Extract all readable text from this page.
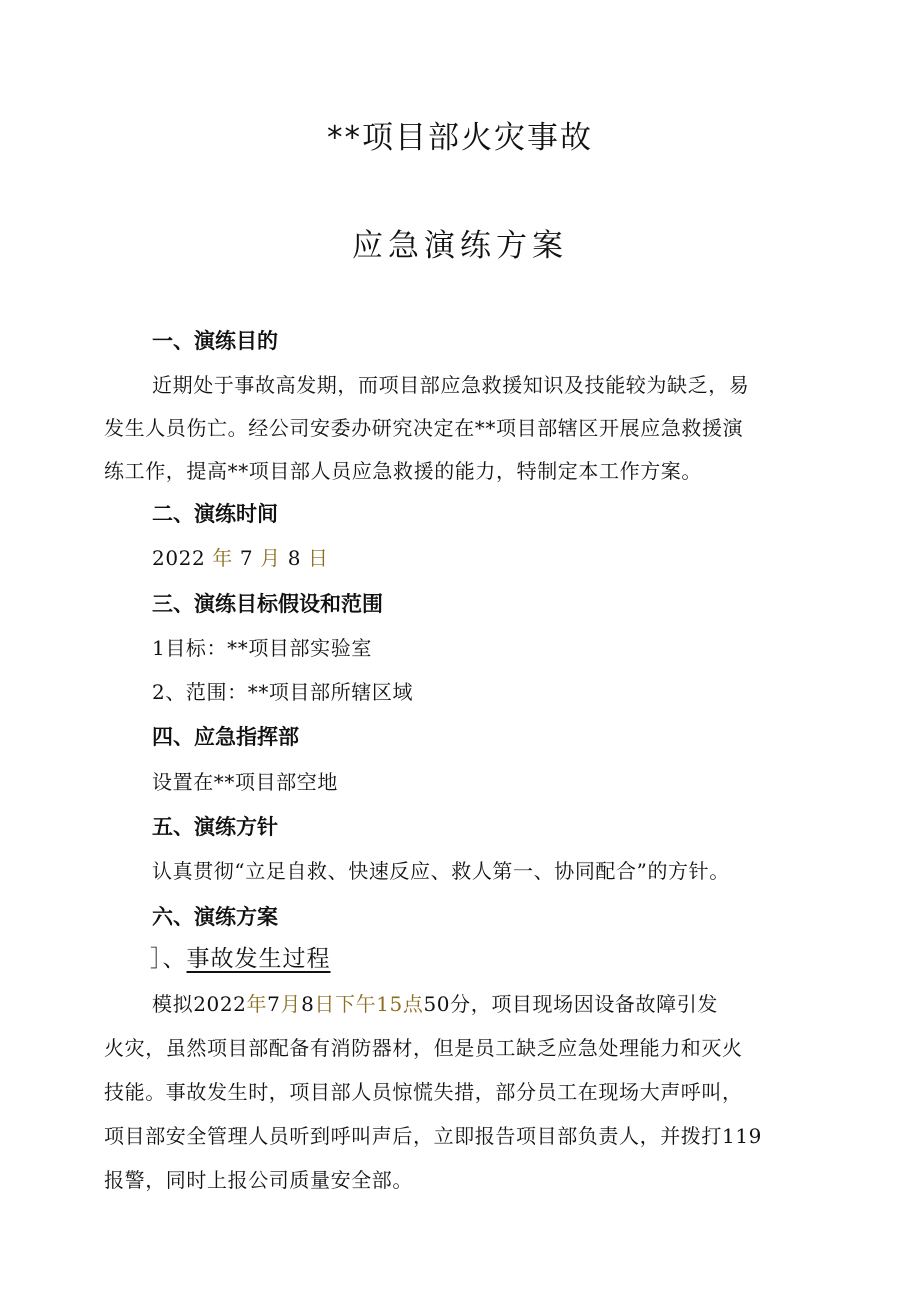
**项目部火灾事故
应急演练方案
一、演练目的

近期处于事故高发期，而项目部应急救援知识及技能较为缺乏，易

发生人员伤亡。经公司安委办研究决定在**项目部辖区开展应急救援演

练工作，提高**项目部人员应急救援的能力，特制定本工作方案。

二、演练时间

2022 年 7 月 8 日

三、演练目标假设和范围

1目标：**项目部实验室

2、范围：**项目部所辖区域

四、应急指挥部

设置在**项目部空地

五、演练方针

认真贯彻“立足自救、快速反应、救人第一、协同配合”的方针。

六、演练方案

］、事故发生过程

模拟2022年7月8日下午15点50分，项目现场因设备故障引发

火灾，虽然项目部配备有消防器材，但是员工缺乏应急处理能力和灭火

技能。事故发生时，项目部人员惊慌失措，部分员工在现场大声呼叫，

项目部安全管理人员听到呼叫声后，立即报告项目部负责人，并拨打119

报警，同时上报公司质量安全部。
